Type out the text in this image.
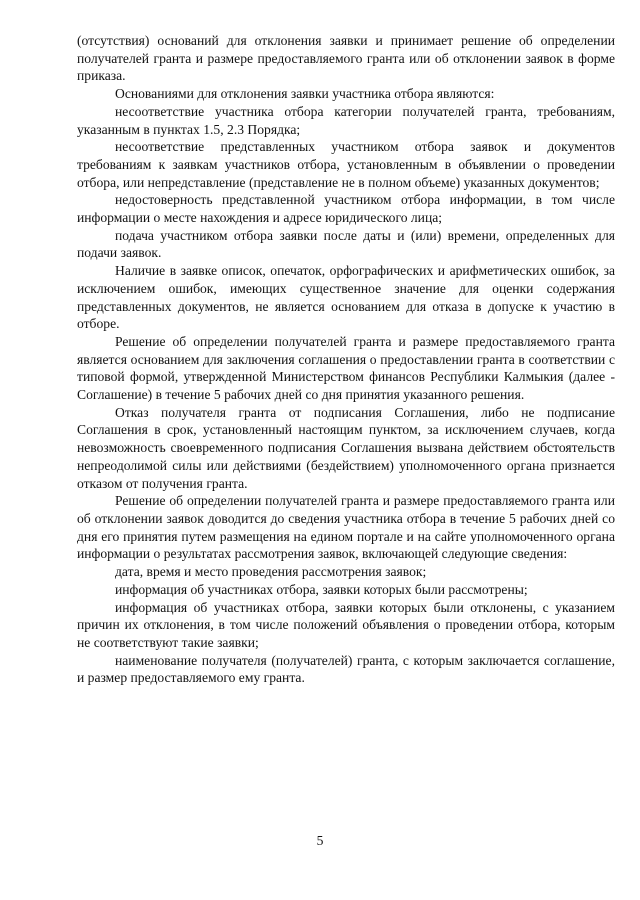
(отсутствия) оснований для отклонения заявки и принимает решение об определении получателей гранта и размере предоставляемого гранта или об отклонении заявок в форме приказа.

Основаниями для отклонения заявки участника отбора являются:

несоответствие участника отбора категории получателей гранта, требованиям, указанным в пунктах 1.5, 2.3 Порядка;

несоответствие представленных участником отбора заявок и документов требованиям к заявкам участников отбора, установленным в объявлении о проведении отбора, или непредставление (представление не в полном объеме) указанных документов;

недостоверность представленной участником отбора информации, в том числе информации о месте нахождения и адресе юридического лица;

подача участником отбора заявки после даты и (или) времени, определенных для подачи заявок.

Наличие в заявке описок, опечаток, орфографических и арифметических ошибок, за исключением ошибок, имеющих существенное значение для оценки содержания представленных документов, не является основанием для отказа в допуске к участию в отборе.

Решение об определении получателей гранта и размере предоставляемого гранта является основанием для заключения соглашения о предоставлении гранта в соответствии с типовой формой, утвержденной Министерством финансов Республики Калмыкия (далее - Соглашение) в течение 5 рабочих дней со дня принятия указанного решения.

Отказ получателя гранта от подписания Соглашения, либо не подписание Соглашения в срок, установленный настоящим пунктом, за исключением случаев, когда невозможность своевременного подписания Соглашения вызвана действием обстоятельств непреодолимой силы или действиями (бездействием) уполномоченного органа признается отказом от получения гранта.

Решение об определении получателей гранта и размере предоставляемого гранта или об отклонении заявок доводится до сведения участника отбора в течение 5 рабочих дней со дня его принятия путем размещения на едином портале и на сайте уполномоченного органа информации о результатах рассмотрения заявок, включающей следующие сведения:

дата, время и место проведения рассмотрения заявок;

информация об участниках отбора, заявки которых были рассмотрены;

информация об участниках отбора, заявки которых были отклонены, с указанием причин их отклонения, в том числе положений объявления о проведении отбора, которым не соответствуют такие заявки;

наименование получателя (получателей) гранта, с которым заключается соглашение, и размер предоставляемого ему гранта.

5
